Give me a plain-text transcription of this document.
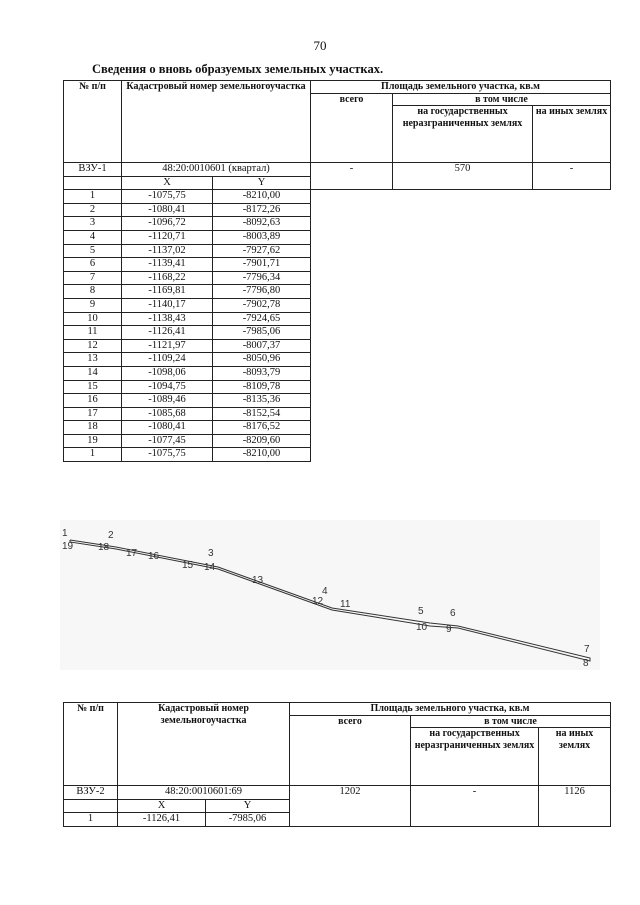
70
Сведения о вновь образуемых земельных участках.
№ п/п	Кадастровый номер земельногоучастка		Площадь земельного участка, кв.м		
			всего	в том числе	
				на государственных неразграниченных землях	на иных землях
ВЗУ-1	48:20:0010601 (квартал)		-	570	-
	X	Y			
1	-1075,75	-8210,00			
2	-1080,41	-8172,26			
3	-1096,72	-8092,63			
4	-1120,71	-8003,89			
5	-1137,02	-7927,62			
6	-1139,41	-7901,71			
7	-1168,22	-7796,34			
8	-1169,81	-7796,80			
9	-1140,17	-7902,78			
10	-1138,43	-7924,65			
11	-1126,41	-7985,06			
12	-1121,97	-8007,37			
13	-1109,24	-8050,96			
14	-1098,06	-8093,79			
15	-1094,75	-8109,78			
16	-1089,46	-8135,36			
17	-1085,68	-8152,54			
18	-1080,41	-8176,52			
19	-1077,45	-8209,60			
1	-1075,75	-8210,00			
1
19 18
2
17 16
15 14
3
13
4
12 11
5
10
6
9
7
8
№ п/п	Кадастровый номер земельногоучастка		Площадь земельного участка, кв.м		
			всего	в том числе	
				на государственных неразграниченных землях	на иных землях
ВЗУ-2	48:20:0010601:69		1202	-	1126
	X	Y			
1	-1126,41	-7985,06			
